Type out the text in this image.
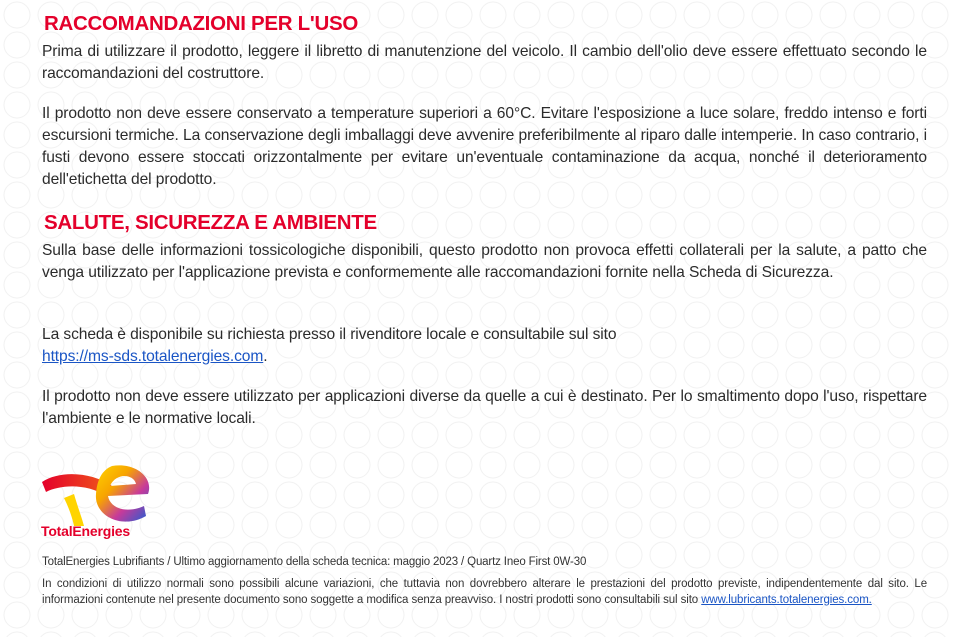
RACCOMANDAZIONI PER L'USO

Prima di utilizzare il prodotto, leggere il libretto di manutenzione del veicolo. Il cambio dell'olio deve essere effettuato secondo le raccomandazioni del costruttore.

Il prodotto non deve essere conservato a temperature superiori a 60°C. Evitare l'esposizione a luce solare, freddo intenso e forti escursioni termiche. La conservazione degli imballaggi deve avvenire preferibilmente al riparo dalle intemperie. In caso contrario, i fusti devono essere stoccati orizzontalmente per evitare un'eventuale contaminazione da acqua, nonché il deterioramento dell'etichetta del prodotto.

SALUTE, SICUREZZA E AMBIENTE

Sulla base delle informazioni tossicologiche disponibili, questo prodotto non provoca effetti collaterali per la salute, a patto che venga utilizzato per l'applicazione prevista e conformemente alle raccomandazioni fornite nella Scheda di Sicurezza.

La scheda è disponibile su richiesta presso il rivenditore locale e consultabile sul sito
https://ms-sds.totalenergies.com.

Il prodotto non deve essere utilizzato per applicazioni diverse da quelle a cui è destinato. Per lo smaltimento dopo l'uso, rispettare l'ambiente e le normative locali.

TotalEnergies

TotalEnergies Lubrifiants / Ultimo aggiornamento della scheda tecnica: maggio 2023 / Quartz Ineo First 0W-30

In condizioni di utilizzo normali sono possibili alcune variazioni, che tuttavia non dovrebbero alterare le prestazioni del prodotto previste, indipendentemente dal sito. Le informazioni contenute nel presente documento sono soggette a modifica senza preavviso. I nostri prodotti sono consultabili sul sito www.lubricants.totalenergies.com.
